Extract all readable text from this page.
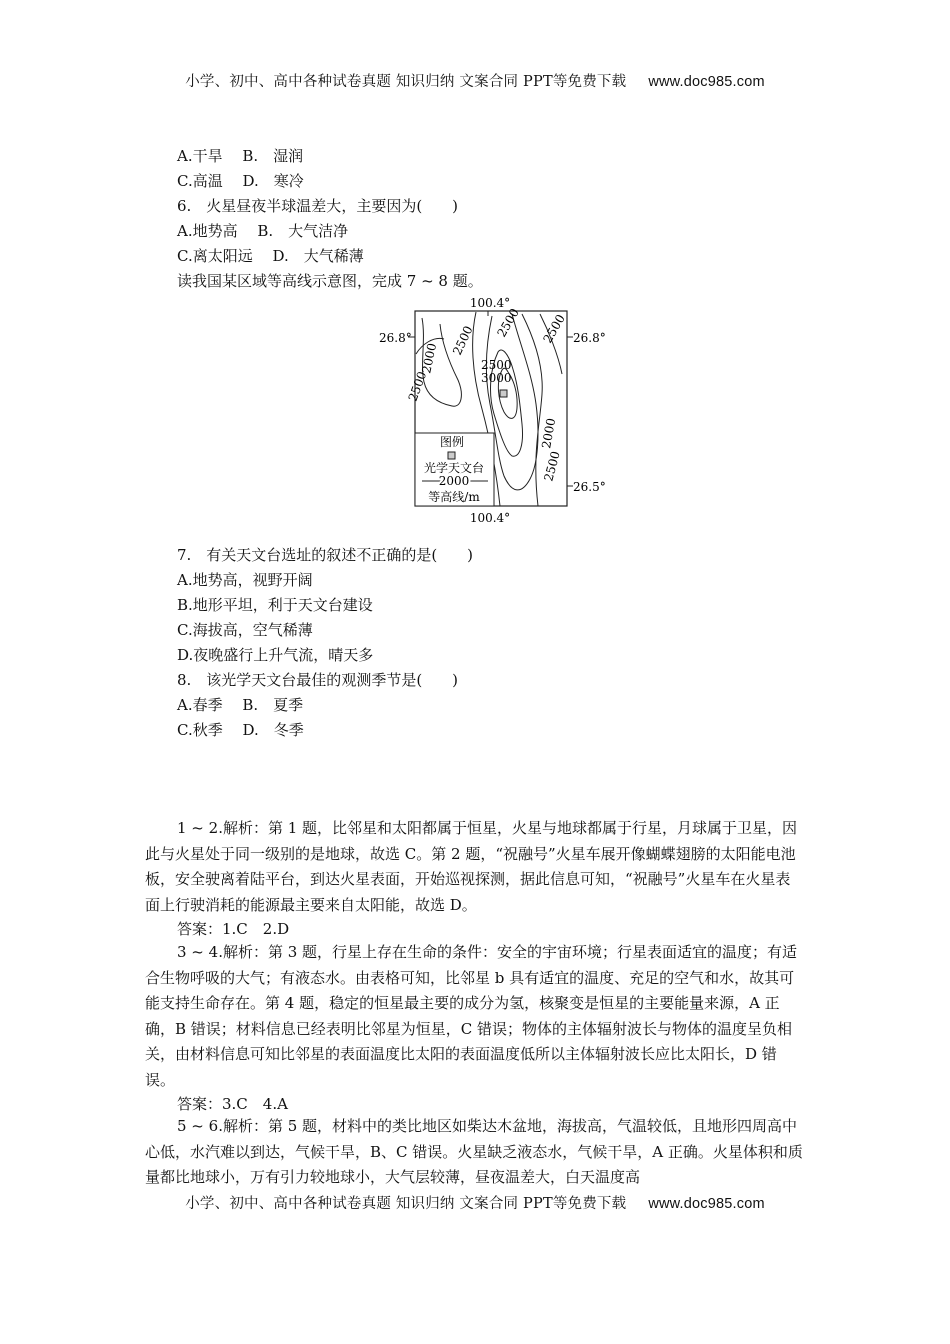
小学、初中、高中各种试卷真题 知识归纳 文案合同 PPT等免费下载 www.doc985.com
A.干旱　 B.　湿润
C.高温　 D.　寒冷
6.　火星昼夜半球温差大，主要因为(　　)
A.地势高　 B.　大气洁净
C.离太阳远　 D.　大气稀薄
读我国某区域等高线示意图，完成 7 ~ 8 题。
100.4°
100.4°
26.8°	26.8°
26.5°
2000
2500
2500
2500 2500
2500
3000
2000
2500
图例
光学天文台
2000
等高线/m
7.　有关天文台选址的叙述不正确的是(　　)
A.地势高，视野开阔
B.地形平坦，利于天文台建设
C.海拔高，空气稀薄
D.夜晚盛行上升气流，晴天多
8.　该光学天文台最佳的观测季节是(　　)
A.春季　 B.　夏季
C.秋季　 D.　冬季

1 ~ 2.解析：第 1 题，比邻星和太阳都属于恒星，火星与地球都属于行星，月球属于卫星，因此与火星处于同一级别的是地球，故选 C。第 2 题，“祝融号”火星车展开像蝴蝶翅膀的太阳能电池板，安全驶离着陆平台，到达火星表面，开始巡视探测，据此信息可知，“祝融号”火星车在火星表面上行驶消耗的能源最主要来自太阳能，故选 D。

答案：1.C　2.D

3 ~ 4.解析：第 3 题，行星上存在生命的条件：安全的宇宙环境；行星表面适宜的温度；有适合生物呼吸的大气；有液态水。由表格可知，比邻星 b 具有适宜的温度、充足的空气和水，故其可能支持生命存在。第 4 题，稳定的恒星最主要的成分为氢，核聚变是恒星的主要能量来源，A 正确，B 错误；材料信息已经表明比邻星为恒星，C 错误；物体的主体辐射波长与物体的温度呈负相关，由材料信息可知比邻星的表面温度比太阳的表面温度低所以主体辐射波长应比太阳长，D 错误。

答案：3.C　4.A

5 ~ 6.解析：第 5 题，材料中的类比地区如柴达木盆地，海拔高，气温较低，且地形四周高中心低，水汽难以到达，气候干旱，B、C 错误。火星缺乏液态水，气候干旱，A 正确。火星体积和质量都比地球小，万有引力较地球小，大气层较薄，昼夜温差大，白天温度高

小学、初中、高中各种试卷真题 知识归纳 文案合同 PPT等免费下载 www.doc985.com
